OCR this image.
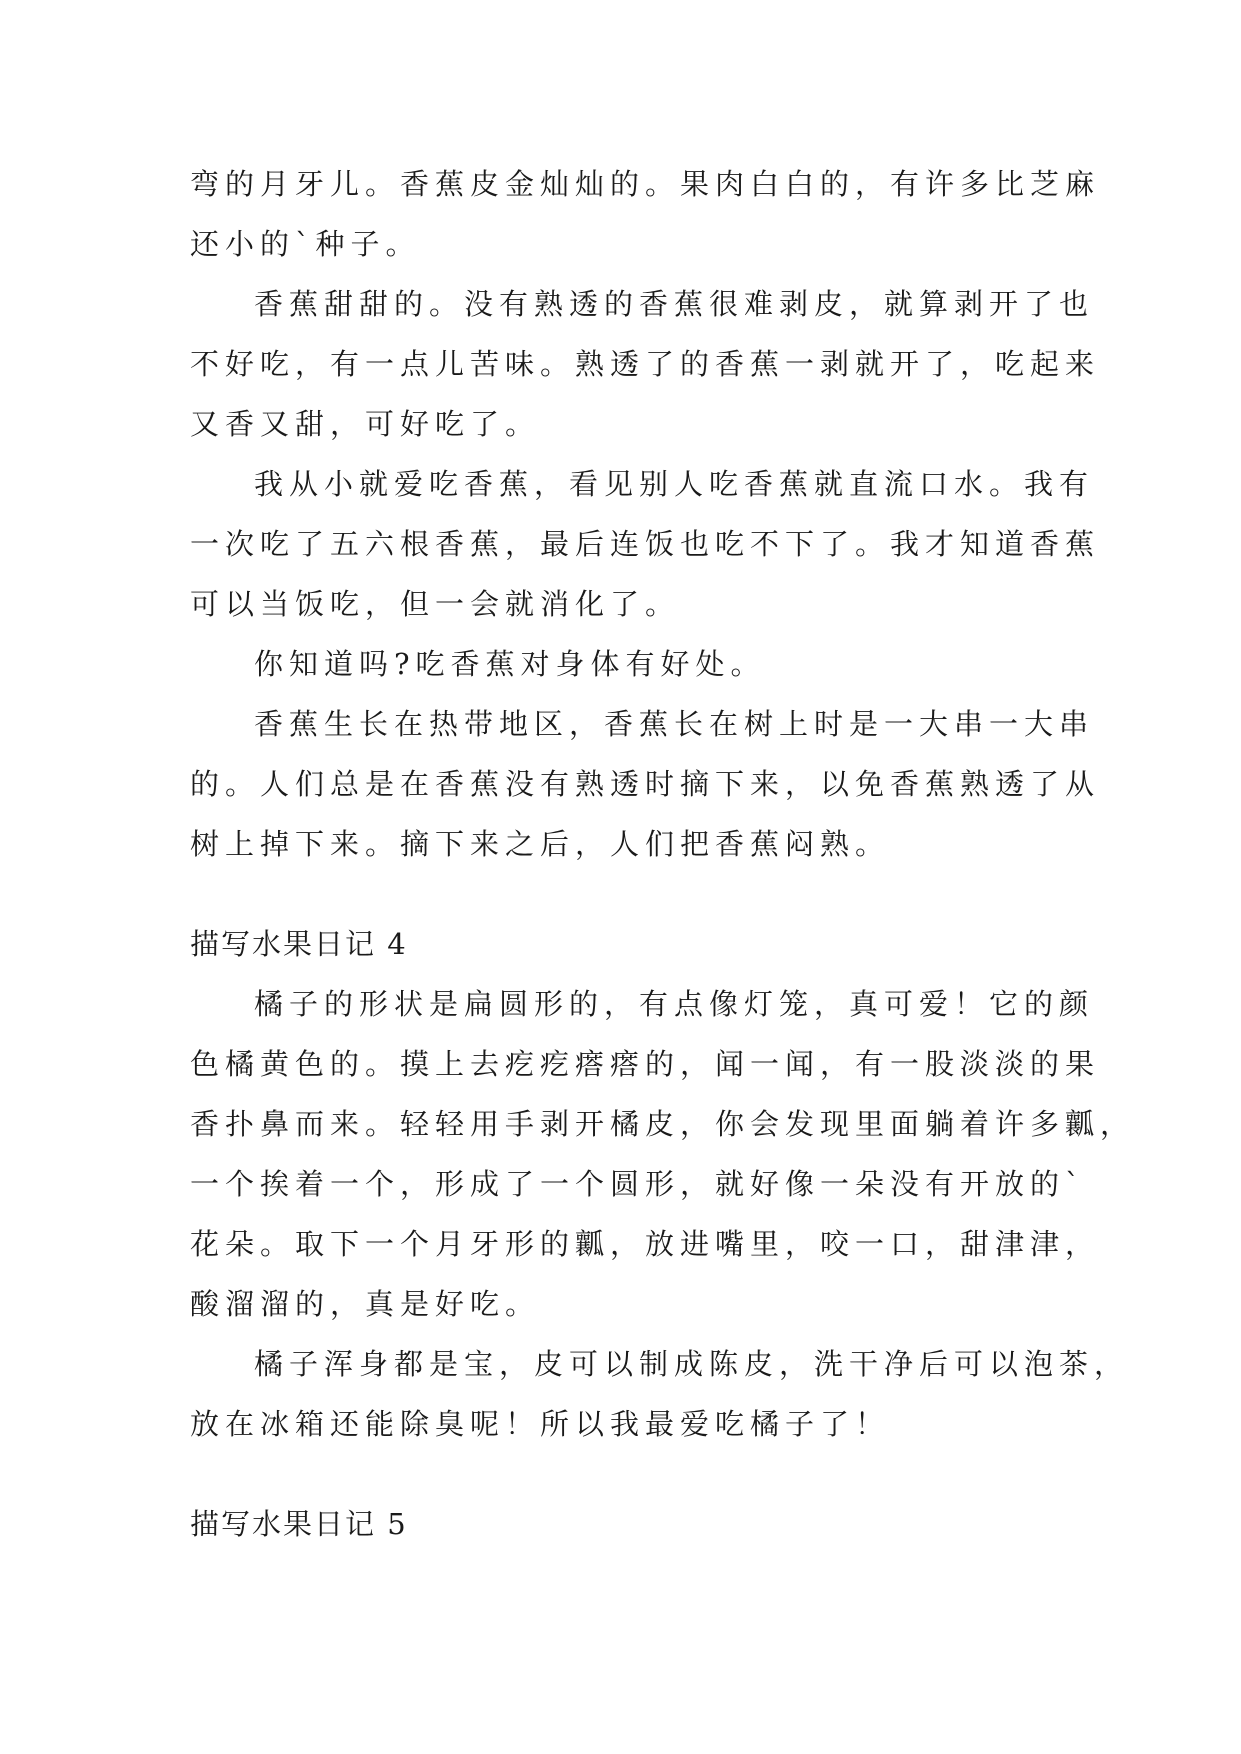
弯的月牙儿。香蕉皮金灿灿的。果肉白白的，有许多比芝麻
还小的`种子。
香蕉甜甜的。没有熟透的香蕉很难剥皮，就算剥开了也
不好吃，有一点儿苦味。熟透了的香蕉一剥就开了，吃起来
又香又甜，可好吃了。
我从小就爱吃香蕉，看见别人吃香蕉就直流口水。我有
一次吃了五六根香蕉，最后连饭也吃不下了。我才知道香蕉
可以当饭吃，但一会就消化了。
你知道吗?吃香蕉对身体有好处。
香蕉生长在热带地区，香蕉长在树上时是一大串一大串
的。人们总是在香蕉没有熟透时摘下来，以免香蕉熟透了从
树上掉下来。摘下来之后，人们把香蕉闷熟。
描写水果日记 4
橘子的形状是扁圆形的，有点像灯笼，真可爱！它的颜
色橘黄色的。摸上去疙疙瘩瘩的，闻一闻，有一股淡淡的果
香扑鼻而来。轻轻用手剥开橘皮，你会发现里面躺着许多瓤，
一个挨着一个，形成了一个圆形，就好像一朵没有开放的`
花朵。取下一个月牙形的瓤，放进嘴里，咬一口，甜津津，
酸溜溜的，真是好吃。
橘子浑身都是宝，皮可以制成陈皮，洗干净后可以泡茶，
放在冰箱还能除臭呢！所以我最爱吃橘子了！
描写水果日记 5
